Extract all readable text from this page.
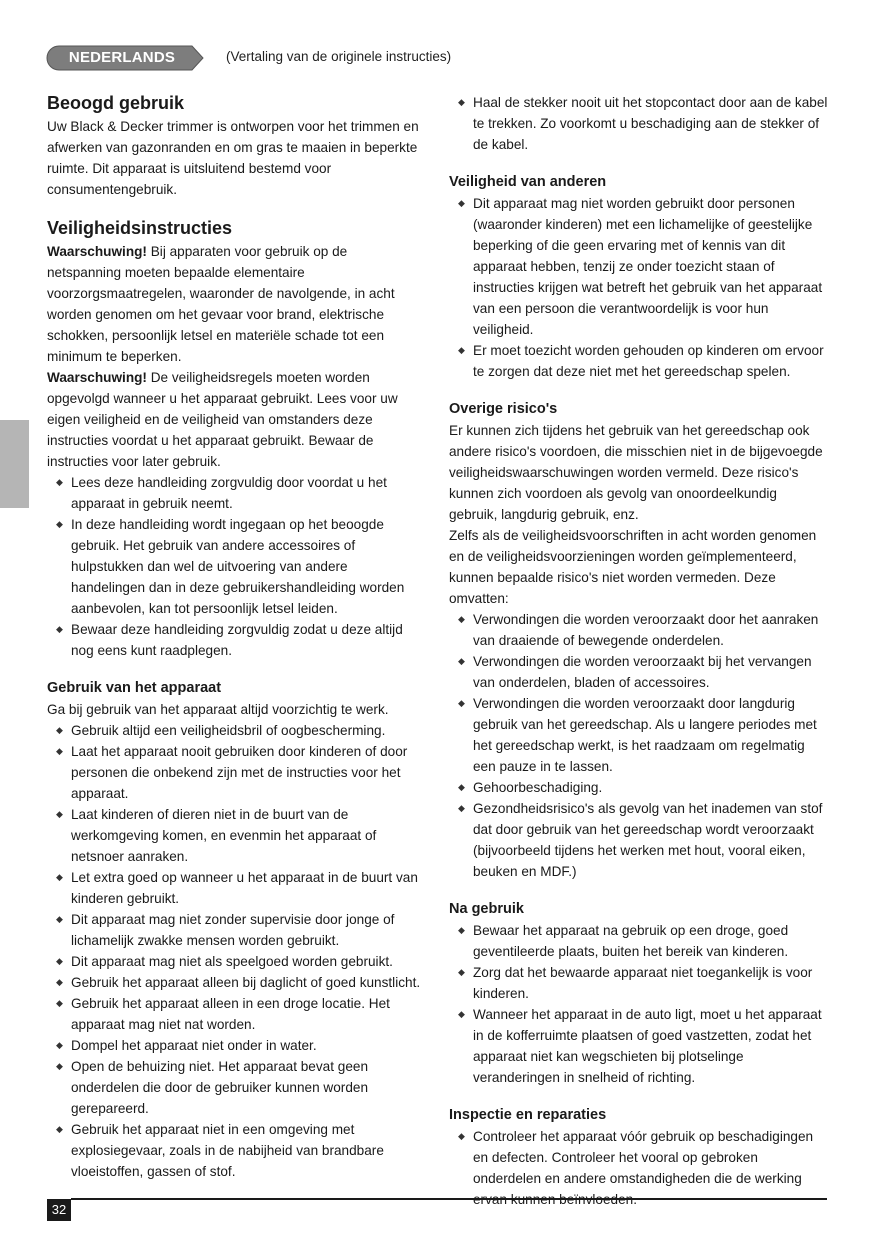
NEDERLANDS	(Vertaling van de originele instructies)
Beoogd gebruik

Uw Black & Decker trimmer is ontworpen voor het trimmen en afwerken van gazonranden en om gras te maaien in beperkte ruimte. Dit apparaat is uitsluitend bestemd voor consumentengebruik.

Veiligheidsinstructies

Waarschuwing! Bij apparaten voor gebruik op de netspanning moeten bepaalde elementaire voorzorgsmaatregelen, waaronder de navolgende, in acht worden genomen om het gevaar voor brand, elektrische schokken, persoonlijk letsel en materiële schade tot een minimum te beperken.

Waarschuwing! De veiligheidsregels moeten worden opgevolgd wanneer u het apparaat gebruikt. Lees voor uw eigen veiligheid en de veiligheid van omstanders deze instructies voordat u het apparaat gebruikt. Bewaar de instructies voor later gebruik.

◆ Lees deze handleiding zorgvuldig door voordat u het apparaat in gebruik neemt.
◆ In deze handleiding wordt ingegaan op het beoogde gebruik. Het gebruik van andere accessoires of hulpstukken dan wel de uitvoering van andere handelingen dan in deze gebruikershandleiding worden aanbevolen, kan tot persoonlijk letsel leiden.
◆ Bewaar deze handleiding zorgvuldig zodat u deze altijd nog eens kunt raadplegen.
Gebruik van het apparaat

Ga bij gebruik van het apparaat altijd voorzichtig te werk.

◆ Gebruik altijd een veiligheidsbril of oogbescherming.
◆ Laat het apparaat nooit gebruiken door kinderen of door personen die onbekend zijn met de instructies voor het apparaat.
◆ Laat kinderen of dieren niet in de buurt van de werkomgeving komen, en evenmin het apparaat of netsnoer aanraken.
◆ Let extra goed op wanneer u het apparaat in de buurt van kinderen gebruikt.
◆ Dit apparaat mag niet zonder supervisie door jonge of lichamelijk zwakke mensen worden gebruikt.
◆ Dit apparaat mag niet als speelgoed worden gebruikt.
◆ Gebruik het apparaat alleen bij daglicht of goed kunstlicht.
◆ Gebruik het apparaat alleen in een droge locatie. Het apparaat mag niet nat worden.
◆ Dompel het apparaat niet onder in water.
◆ Open de behuizing niet. Het apparaat bevat geen onderdelen die door de gebruiker kunnen worden gerepareerd.
◆ Gebruik het apparaat niet in een omgeving met explosiegevaar, zoals in de nabijheid van brandbare vloeistoffen, gassen of stof.
◆ Haal de stekker nooit uit het stopcontact door aan de kabel te trekken. Zo voorkomt u beschadiging aan de stekker of de kabel.
Veiligheid van anderen
◆ Dit apparaat mag niet worden gebruikt door personen (waaronder kinderen) met een lichamelijke of geestelijke beperking of die geen ervaring met of kennis van dit apparaat hebben, tenzij ze onder toezicht staan of instructies krijgen wat betreft het gebruik van het apparaat van een persoon die verantwoordelijk is voor hun veiligheid.
◆ Er moet toezicht worden gehouden op kinderen om ervoor te zorgen dat deze niet met het gereedschap spelen.
Overige risico's

Er kunnen zich tijdens het gebruik van het gereedschap ook andere risico's voordoen, die misschien niet in de bijgevoegde veiligheidswaarschuwingen worden vermeld. Deze risico's kunnen zich voordoen als gevolg van onoordeelkundig gebruik, langdurig gebruik, enz.

Zelfs als de veiligheidsvoorschriften in acht worden genomen en de veiligheidsvoorzieningen worden geïmplementeerd, kunnen bepaalde risico's niet worden vermeden. Deze omvatten:

◆ Verwondingen die worden veroorzaakt door het aanraken van draaiende of bewegende onderdelen.
◆ Verwondingen die worden veroorzaakt bij het vervangen van onderdelen, bladen of accessoires.
◆ Verwondingen die worden veroorzaakt door langdurig gebruik van het gereedschap. Als u langere periodes met het gereedschap werkt, is het raadzaam om regelmatig een pauze in te lassen.
◆ Gehoorbeschadiging.
◆ Gezondheidsrisico's als gevolg van het inademen van stof dat door gebruik van het gereedschap wordt veroorzaakt (bijvoorbeeld tijdens het werken met hout, vooral eiken, beuken en MDF.)
Na gebruik
◆ Bewaar het apparaat na gebruik op een droge, goed geventileerde plaats, buiten het bereik van kinderen.
◆ Zorg dat het bewaarde apparaat niet toegankelijk is voor kinderen.
◆ Wanneer het apparaat in de auto ligt, moet u het apparaat in de kofferruimte plaatsen of goed vastzetten, zodat het apparaat niet kan wegschieten bij plotselinge veranderingen in snelheid of richting.
Inspectie en reparaties
◆ Controleer het apparaat vóór gebruik op beschadigingen en defecten. Controleer het vooral op gebroken onderdelen en andere omstandigheden die de werking
32
